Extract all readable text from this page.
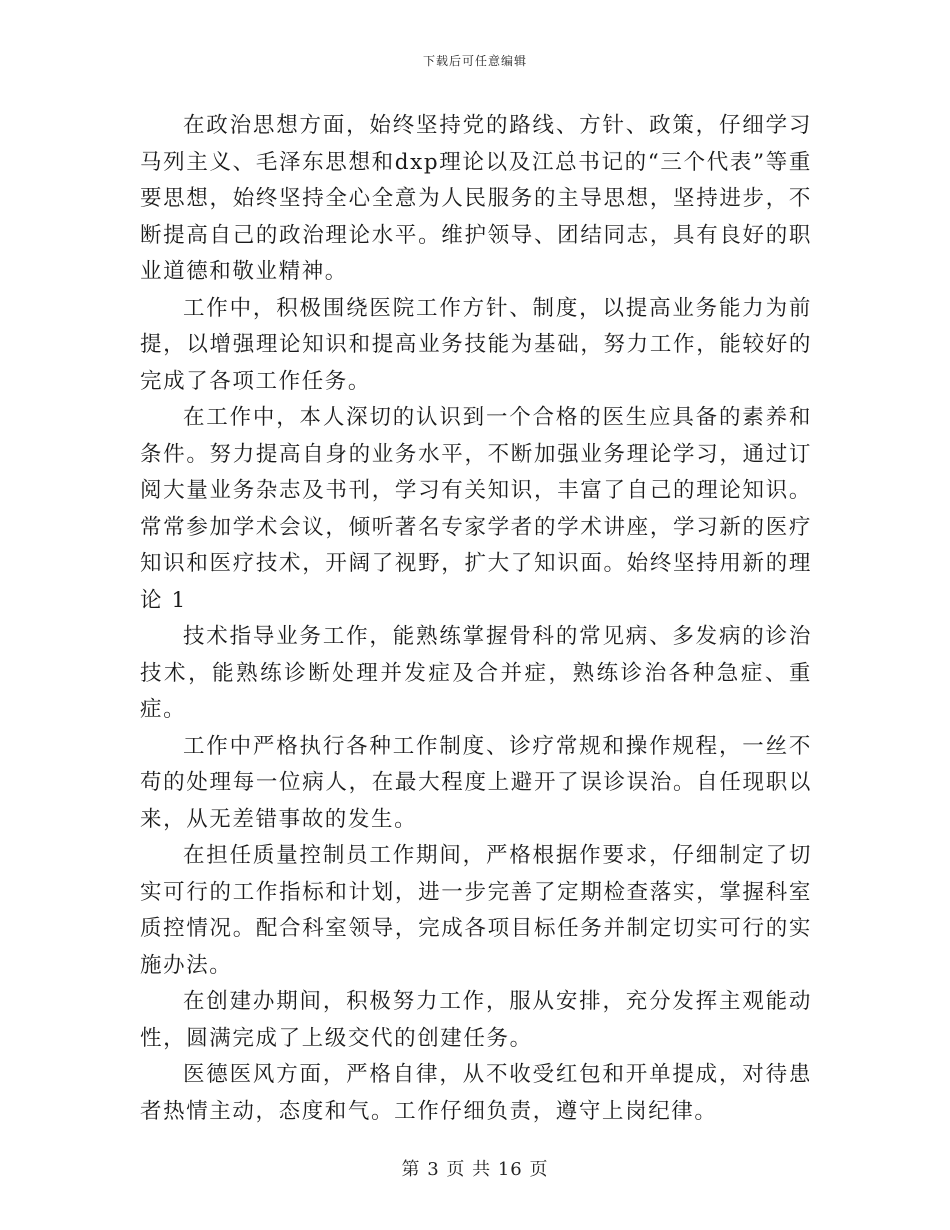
下载后可任意编辑

在政治思想方面，始终坚持党的路线、方针、政策，仔细学习马列主义、毛泽东思想和dxp理论以及江总书记的“三个代表”等重要思想，始终坚持全心全意为人民服务的主导思想，坚持进步，不断提高自己的政治理论水平。维护领导、团结同志，具有良好的职业道德和敬业精神。

工作中，积极围绕医院工作方针、制度，以提高业务能力为前提，以增强理论知识和提高业务技能为基础，努力工作，能较好的完成了各项工作任务。

在工作中，本人深切的认识到一个合格的医生应具备的素养和条件。努力提高自身的业务水平，不断加强业务理论学习，通过订阅大量业务杂志及书刊，学习有关知识，丰富了自己的理论知识。常常参加学术会议，倾听著名专家学者的学术讲座，学习新的医疗知识和医疗技术，开阔了视野，扩大了知识面。始终坚持用新的理论 1

技术指导业务工作，能熟练掌握骨科的常见病、多发病的诊治技术，能熟练诊断处理并发症及合并症，熟练诊治各种急症、重症。

工作中严格执行各种工作制度、诊疗常规和操作规程，一丝不苟的处理每一位病人，在最大程度上避开了误诊误治。自任现职以来，从无差错事故的发生。

在担任质量控制员工作期间，严格根据作要求，仔细制定了切实可行的工作指标和计划，进一步完善了定期检查落实，掌握科室质控情况。配合科室领导，完成各项目标任务并制定切实可行的实施办法。

在创建办期间，积极努力工作，服从安排，充分发挥主观能动性，圆满完成了上级交代的创建任务。

医德医风方面，严格自律，从不收受红包和开单提成，对待患者热情主动，态度和气。工作仔细负责，遵守上岗纪律。

第 3 页 共 16 页
